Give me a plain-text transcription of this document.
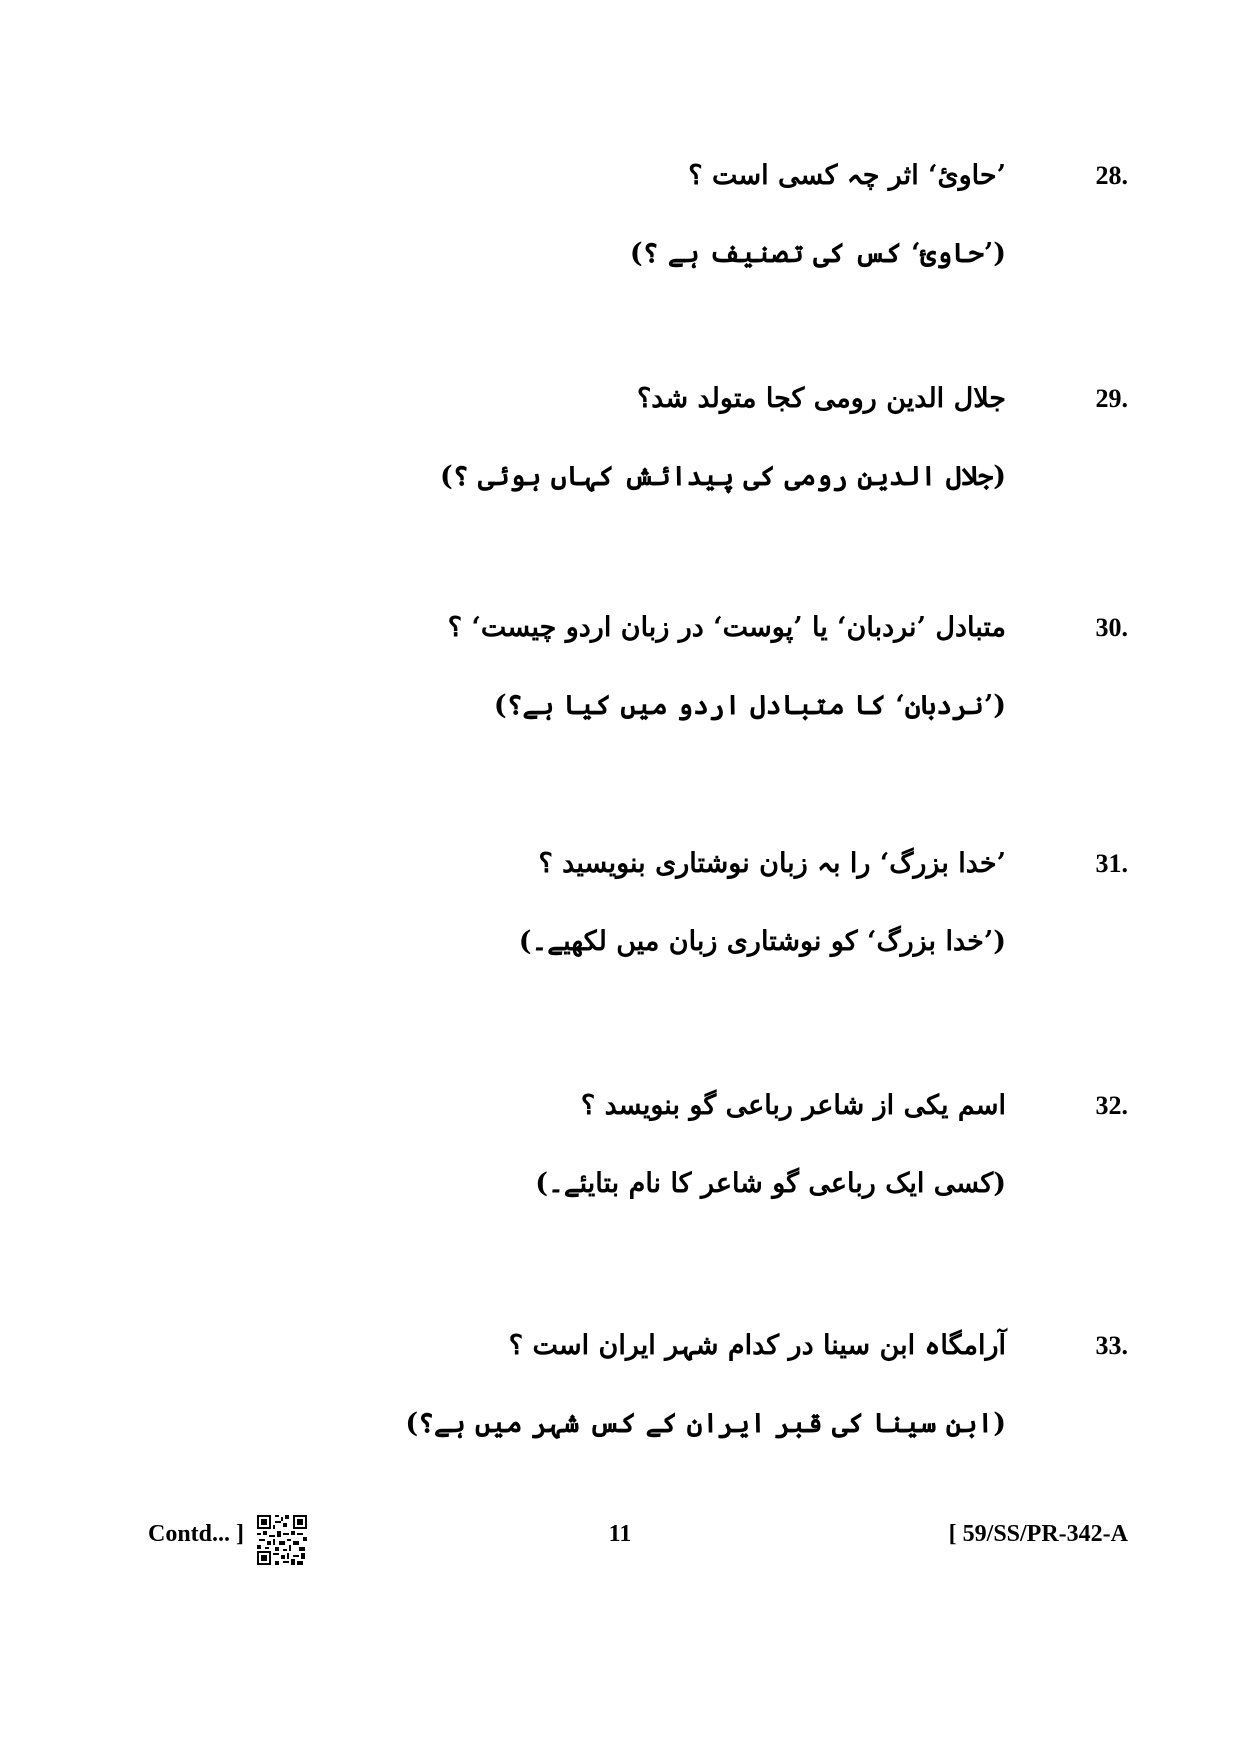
28.
’حاویٔ‘ اثر چہ کسی است ؟
(’حاویٔ‘ کس کی تصنیف ہے ؟)
29.
جلال الدین رومی کجا متولد شد؟
(جلال الدین رومی کی پیدائش کہاں ہوئی ؟)
30.
متبادل ’نردبان‘ یا ’پوست‘ در زبان اردو چیست‘ ؟
(’نردبان‘ کا متبادل اردو میں کیا ہے؟)
31.
’خدا بزرگ‘ را بہ زبان نوشتاری بنویسید ؟
(’خدا بزرگ‘ کو نوشتاری زبان میں لکھیے۔)
32.
اسم یکی از شاعر رباعی گو بنویسد ؟
(کسی ایک رباعی گو شاعر کا نام بتایئے۔)
33.
آرامگاہ ابن سینا در کدام شہر ایران است ؟
(ابن سینا کی قبر ایران کے کس شہر میں ہے؟)
Contd... ]	11	[ 59/SS/PR-342-A
